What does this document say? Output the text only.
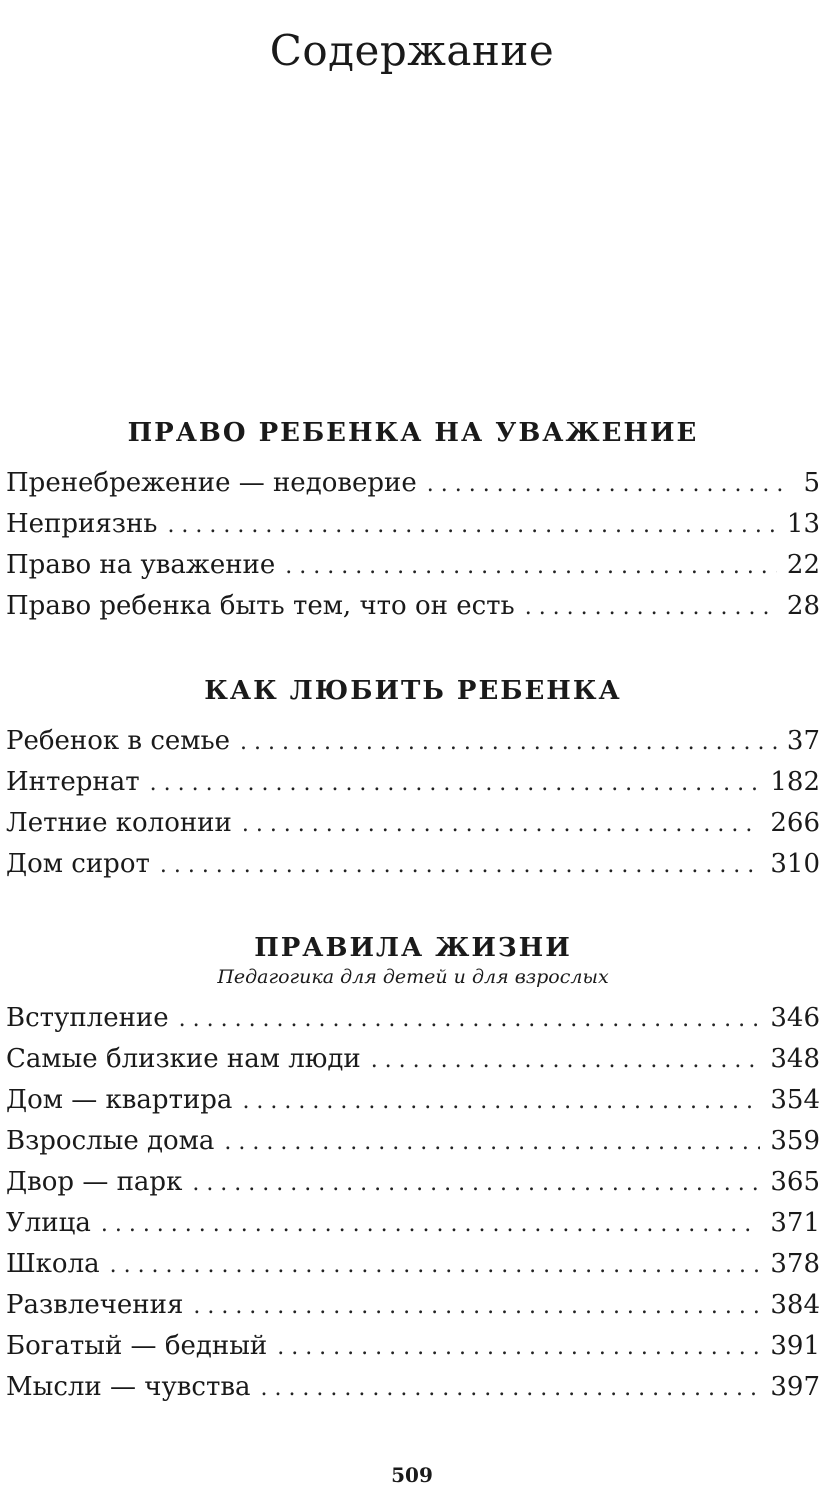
Содержание
ПРАВО РЕБЕНКА НА УВАЖЕНИЕ
Пренебрежение — недоверие . . .	5
Неприязнь . . .	13
Право на уважение . . .	22
Право ребенка быть тем, что он есть . . .	28
КАК ЛЮБИТЬ РЕБЕНКА
Ребенок в семье . . .	37
Интернат . . .	182
Летние колонии . . .	266
Дом сирот . . .	310
ПРАВИЛА ЖИЗНИ

Педагогика для детей и для взрослых

Вступление . . .	346
Самые близкие нам люди . . .	348
Дом — квартира . . .	354
Взрослые дома . . .	359
Двор — парк . . .	365
Улица . . .	371
Школа . . .	378
Развлечения . . .	384
Богатый — бедный . . .	391
Мысли — чувства . . .	397
509
